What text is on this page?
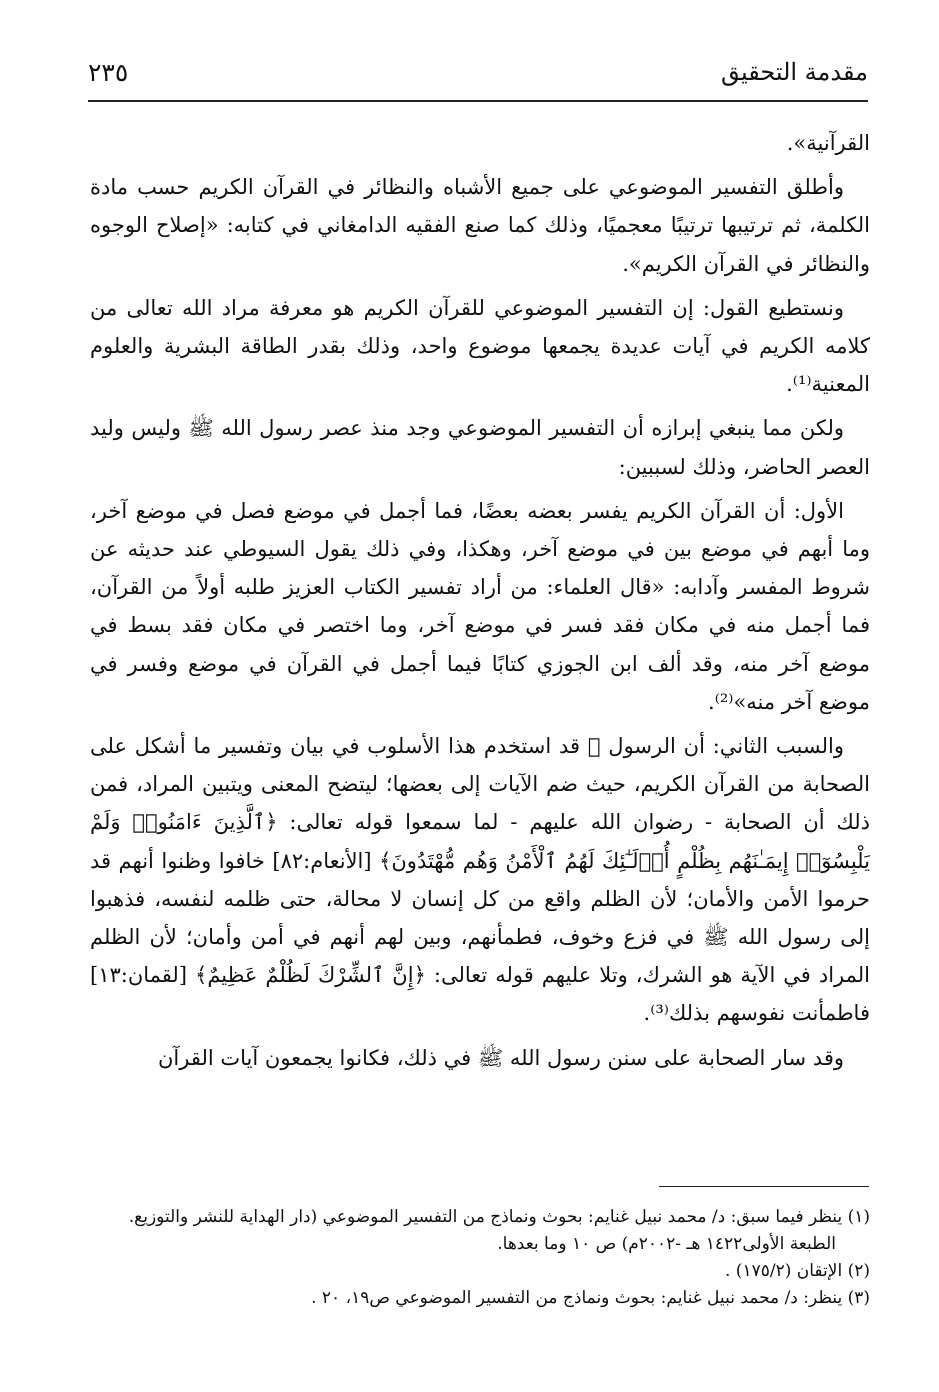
مقدمة التحقيق
٢٣٥

القرآنية».

وأطلق التفسير الموضوعي على جميع الأشباه والنظائر في القرآن الكريم حسب مادة الكلمة، ثم ترتيبها ترتيبًا معجميًا، وذلك كما صنع الفقيه الدامغاني في كتابه: «إصلاح الوجوه والنظائر في القرآن الكريم».

ونستطيع القول: إن التفسير الموضوعي للقرآن الكريم هو معرفة مراد الله تعالى من كلامه الكريم في آيات عديدة يجمعها موضوع واحد، وذلك بقدر الطاقة البشرية والعلوم المعنية⁽¹⁾.

ولكن مما ينبغي إبرازه أن التفسير الموضوعي وجد منذ عصر رسول الله ﷺ وليس وليد العصر الحاضر، وذلك لسببين:

الأول: أن القرآن الكريم يفسر بعضه بعضًا، فما أجمل في موضع فصل في موضع آخر، وما أبهم في موضع بين في موضع آخر، وهكذا، وفي ذلك يقول السيوطي عند حديثه عن شروط المفسر وآدابه: «قال العلماء: من أراد تفسير الكتاب العزيز طلبه أولاً من القرآن، فما أجمل منه في مكان فقد فسر في موضع آخر، وما اختصر في مكان فقد بسط في موضع آخر منه، وقد ألف ابن الجوزي كتابًا فيما أجمل في القرآن في موضع وفسر في موضع آخر منه»⁽²⁾.

والسبب الثاني: أن الرسول ﷺ قد استخدم هذا الأسلوب في بيان وتفسير ما أشكل على الصحابة من القرآن الكريم، حيث ضم الآيات إلى بعضها؛ ليتضح المعنى ويتبين المراد، فمن ذلك أن الصحابة - رضوان الله عليهم - لما سمعوا قوله تعالى: ﴿ٱلَّذِينَ ءَامَنُوا۟ وَلَمْ يَلْبِسُوٓا۟ إِيمَـٰنَهُم بِظُلْمٍ أُو۟لَـٰٓئِكَ لَهُمُ ٱلْأَمْنُ وَهُم مُّهْتَدُونَ﴾ [الأنعام:٨٢] خافوا وظنوا أنهم قد حرموا الأمن والأمان؛ لأن الظلم واقع من كل إنسان لا محالة، حتى ظلمه لنفسه، فذهبوا إلى رسول الله ﷺ في فزع وخوف، فطمأنهم، وبين لهم أنهم في أمن وأمان؛ لأن الظلم المراد في الآية هو الشرك، وتلا عليهم قوله تعالى: ﴿إِنَّ ٱلشِّرْكَ لَظُلْمٌ عَظِيمٌ﴾ [لقمان:١٣] فاطمأنت نفوسهم بذلك⁽³⁾.

وقد سار الصحابة على سنن رسول الله ﷺ في ذلك، فكانوا يجمعون آيات القرآن

(١) ينظر فيما سبق: د/ محمد نبيل غنايم: بحوث ونماذج من التفسير الموضوعي (دار الهداية للنشر والتوزيع. الطبعة الأولى١٤٢٢ هـ -٢٠٠٢م) ص ١٠ وما بعدها.

(٢) الإتقان (١٧٥/٢) .

(٣) ينظر: د/ محمد نبيل غنايم: بحوث ونماذج من التفسير الموضوعي ص١٩، ٢٠ .
